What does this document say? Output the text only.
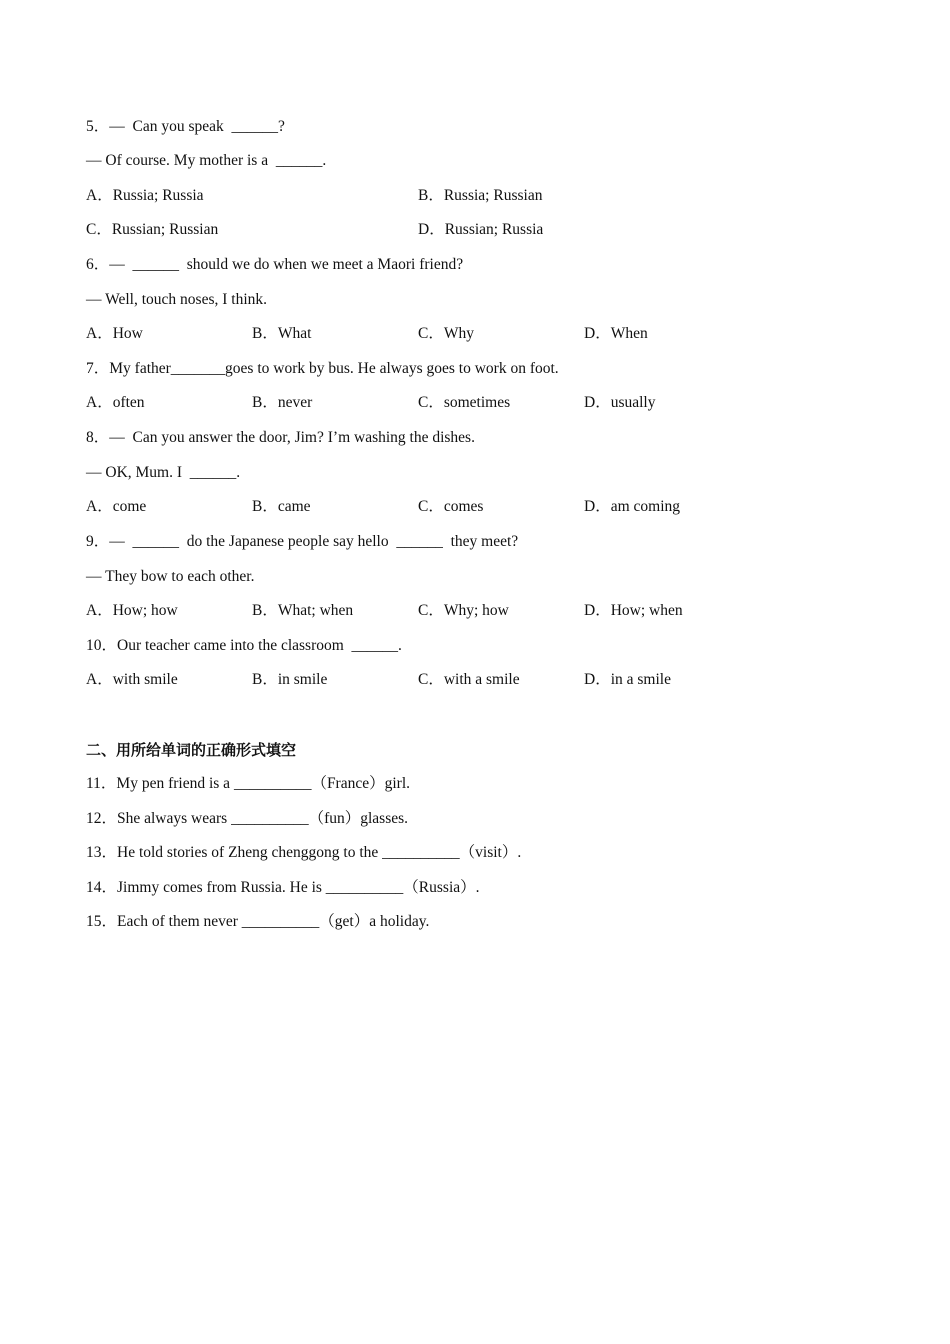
5．—  Can you speak  ______?
— Of course. My mother is a  ______.
A．Russia; Russia	B．Russia; Russian
C．Russian; Russian	D．Russian; Russia
6．—  ______  should we do when we meet a Maori friend?
— Well, touch noses, I think.
A．How	B．What	C．Why	D．When
7．My father_______goes to work by bus. He always goes to work on foot.
A．often	B．never	C．sometimes	D．usually
8．—  Can you answer the door, Jim? I’m washing the dishes.
— OK, Mum. I  ______.
A．come	B．came	C．comes	D．am coming
9．—  ______  do the Japanese people say hello  ______  they meet?
— They bow to each other.
A．How; how	B．What; when	C．Why; how	D．How; when
10．Our teacher came into the classroom  ______.
A．with smile	B．in smile	C．with a smile	D．in a smile
二、用所给单词的正确形式填空
11．My pen friend is a __________（France）girl.
12．She always wears __________（fun）glasses.
13．He told stories of Zheng chenggong to the __________（visit）.
14．Jimmy comes from Russia. He is __________（Russia）.
15．Each of them never __________（get）a holiday.
